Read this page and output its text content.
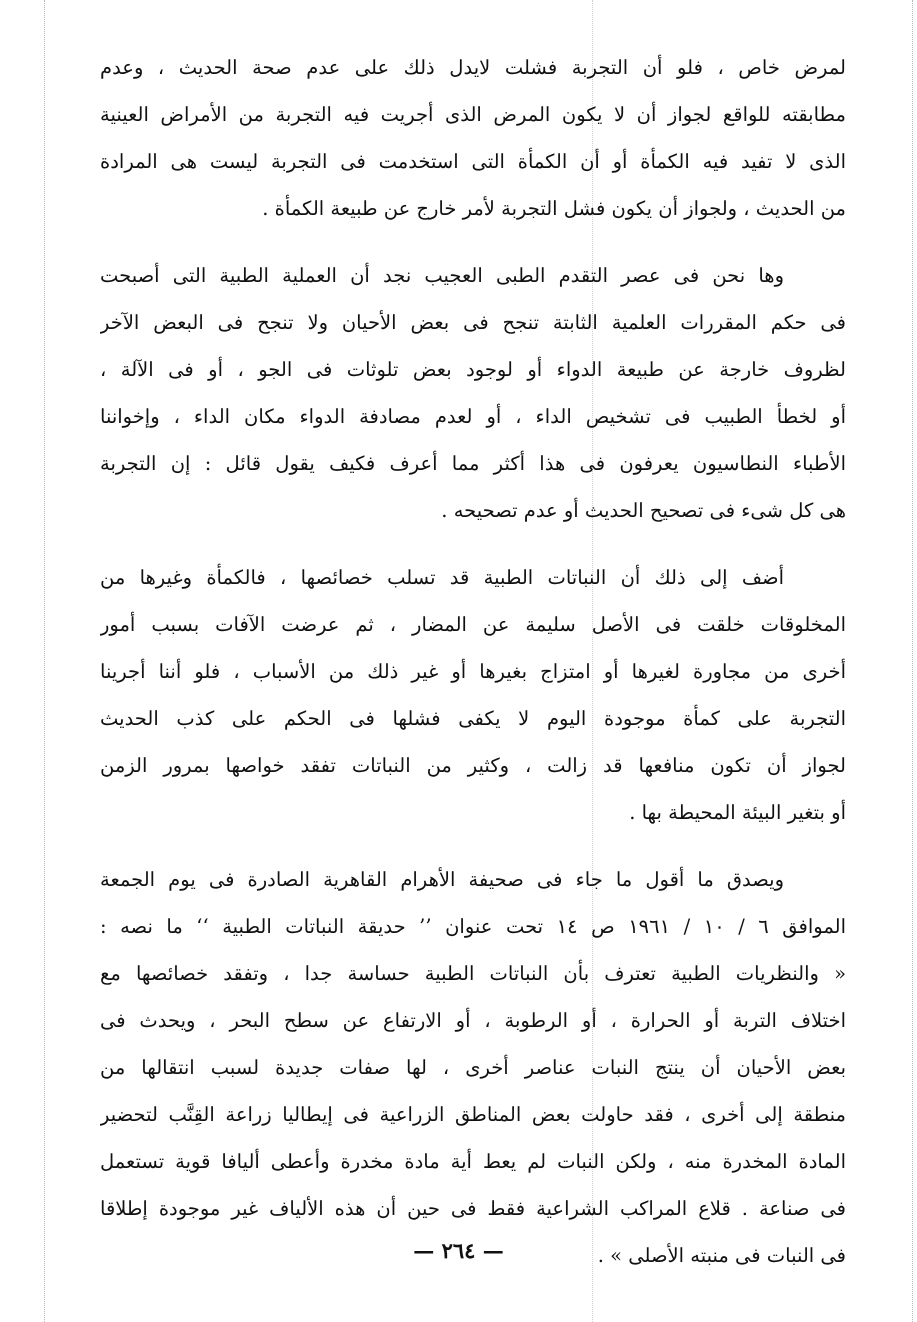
لمرض خاص ، فلو أن التجربة فشلت لايدل ذلك على عدم صحة الحديث ، وعدم
مطابقته للواقع لجواز أن لا يكون المرض الذى أجريت فيه التجربة من الأمراض العينية
الذى لا تفيد فيه الكمأة أو أن الكمأة التى استخدمت فى التجربة ليست هى المرادة
من الحديث ، ولجواز أن يكون فشل التجربة لأمر خارج عن طبيعة الكمأة .
وها نحن فى عصر التقدم الطبى العجيب نجد أن العملية الطبية التى أصبحت
فى حكم المقررات العلمية الثابتة تنجح فى بعض الأحيان ولا تنجح فى البعض الآخر
لظروف خارجة عن طبيعة الدواء أو لوجود بعض تلوثات فى الجو ، أو فى الآلة ،
أو لخطأ الطبيب فى تشخيص الداء ، أو لعدم مصادفة الدواء مكان الداء ، وإخواننا
الأطباء النطاسيون يعرفون فى هذا أكثر مما أعرف فكيف يقول قائل : إن التجربة
هى كل شىء فى تصحيح الحديث أو عدم تصحيحه .
أضف إلى ذلك أن النباتات الطبية قد تسلب خصائصها ، فالكمأة وغيرها من
المخلوقات خلقت فى الأصل سليمة عن المضار ، ثم عرضت الآفات بسبب أمور
أخرى من مجاورة لغيرها أو امتزاج بغيرها أو غير ذلك من الأسباب ، فلو أننا أجرينا
التجربة على كمأة موجودة اليوم لا يكفى فشلها فى الحكم على كذب الحديث
لجواز أن تكون منافعها قد زالت ، وكثير من النباتات تفقد خواصها بمرور الزمن
أو بتغير البيئة المحيطة بها .
ويصدق ما أقول ما جاء فى صحيفة الأهرام القاهرية الصادرة فى يوم الجمعة
الموافق ٦ / ١٠ / ١٩٦١ ص ١٤ تحت عنوان ’’ حديقة النباتات الطبية ‘‘ ما نصه :
« والنظريات الطبية تعترف بأن النباتات الطبية حساسة جدا ، وتفقد خصائصها مع
اختلاف التربة أو الحرارة ، أو الرطوبة ، أو الارتفاع عن سطح البحر ، ويحدث فى
بعض الأحيان أن ينتج النبات عناصر أخرى ، لها صفات جديدة لسبب انتقالها من
منطقة إلى أخرى ، فقد حاولت بعض المناطق الزراعية فى إيطاليا زراعة القِنَّب لتحضير
المادة المخدرة منه ، ولكن النبات لم يعط أية مادة مخدرة وأعطى أليافا قوية تستعمل
فى صناعة . قلاع المراكب الشراعية فقط فى حين أن هذه الألياف غير موجودة إطلاقا
فى النبات فى منبته الأصلى » .
— ٢٦٤ —
